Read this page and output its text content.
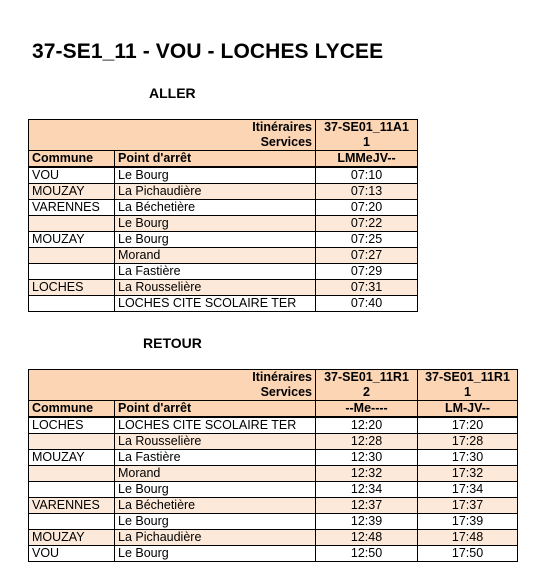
37-SE1_11 - VOU - LOCHES LYCEE
ALLER
Itinéraires		37-SE01_11A1
Services		1
Commune	Point d'arrêt	LMMeJV--
VOU	Le Bourg	07:10
MOUZAY	La Pichaudière	07:13
VARENNES	La Béchetière	07:20
	Le Bourg	07:22
MOUZAY	Le Bourg	07:25
	Morand	07:27
	La Fastière	07:29
LOCHES	La Rousselière	07:31
	LOCHES CITE SCOLAIRE TER	07:40
RETOUR
Itinéraires		37-SE01_11R1	37-SE01_11R1
Services		2	1
Commune	Point d'arrêt	--Me----	LM-JV--
LOCHES	LOCHES CITE SCOLAIRE TER	12:20	17:20
	La Rousselière	12:28	17:28
MOUZAY	La Fastière	12:30	17:30
	Morand	12:32	17:32
	Le Bourg	12:34	17:34
VARENNES	La Béchetière	12:37	17:37
	Le Bourg	12:39	17:39
MOUZAY	La Pichaudière	12:48	17:48
VOU	Le Bourg	12:50	17:50
